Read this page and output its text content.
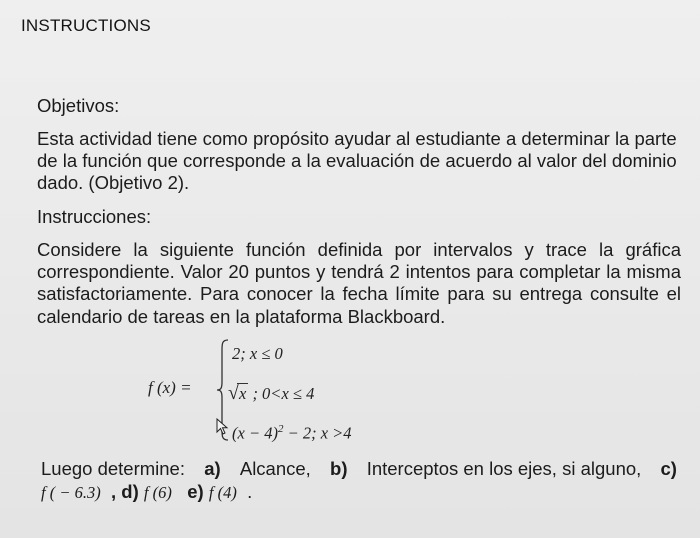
INSTRUCTIONS
Objetivos:
Esta actividad tiene como propósito ayudar al estudiante a determinar la parte
de la función que corresponde a la evaluación de acuerdo al valor del dominio
dado. (Objetivo 2).
Instrucciones:
Considere la siguiente función definida por intervalos y trace la gráfica
correspondiente. Valor 20 puntos y tendrá 2 intentos para completar la misma
satisfactoriamente. Para conocer la fecha límite para su entrega consulte el
calendario de tareas en la plataforma Blackboard.
f (x) =
2; x ≤ 0
√x ; 0<x ≤ 4
$(x - 4)^2 - 2$; x >4
Luego determine: a) Alcance, b) Interceptos en los ejes, si alguno, c)
f ( − 6.3) , d) f (6) e) f (4) .
